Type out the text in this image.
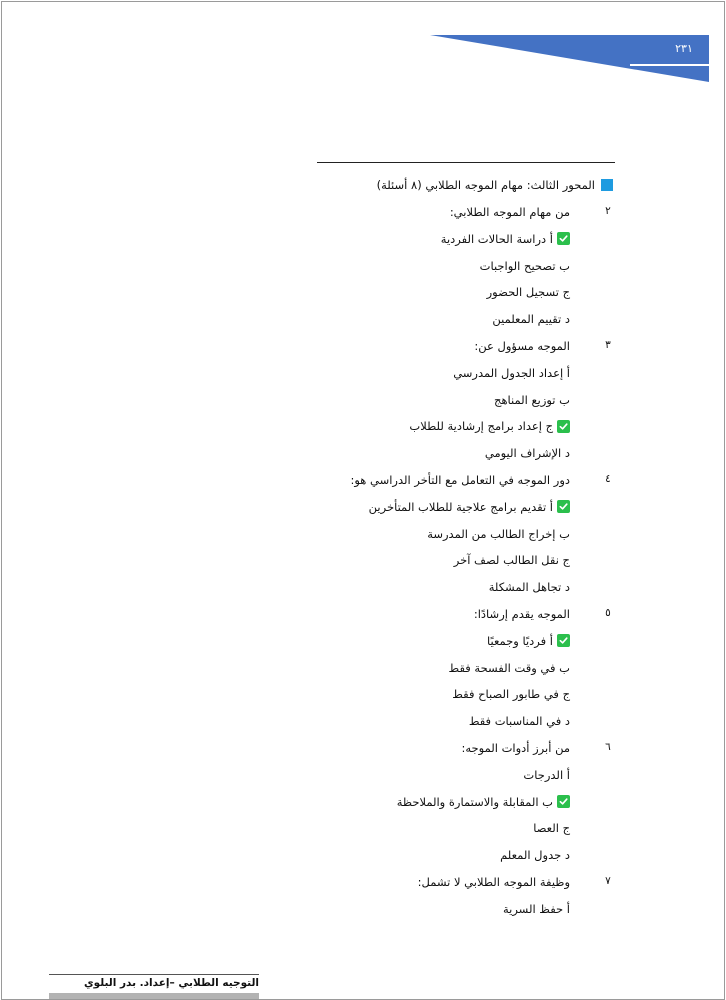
٢٣١
المحور الثالث: مهام الموجه الطلابي (٨ أسئلة)
٢
من مهام الموجه الطلابي:
أ دراسة الحالات الفردية
ب تصحيح الواجبات
ج تسجيل الحضور
د تقييم المعلمين
٣
الموجه مسؤول عن:
أ إعداد الجدول المدرسي
ب توزيع المناهج
ج إعداد برامج إرشادية للطلاب
د الإشراف اليومي
٤
دور الموجه في التعامل مع التأخر الدراسي هو:
أ تقديم برامج علاجية للطلاب المتأخرين
ب إخراج الطالب من المدرسة
ج نقل الطالب لصف آخر
د تجاهل المشكلة
٥
الموجه يقدم إرشادًا:
أ فرديًا وجمعيًا
ب في وقت الفسحة فقط
ج في طابور الصباح فقط
د في المناسبات فقط
٦
من أبرز أدوات الموجه:
أ الدرجات
ب المقابلة والاستمارة والملاحظة
ج العصا
د جدول المعلم
٧
وظيفة الموجه الطلابي لا تشمل:
أ حفظ السرية
التوجيه الطلابي –إعداد. بدر البلوي
